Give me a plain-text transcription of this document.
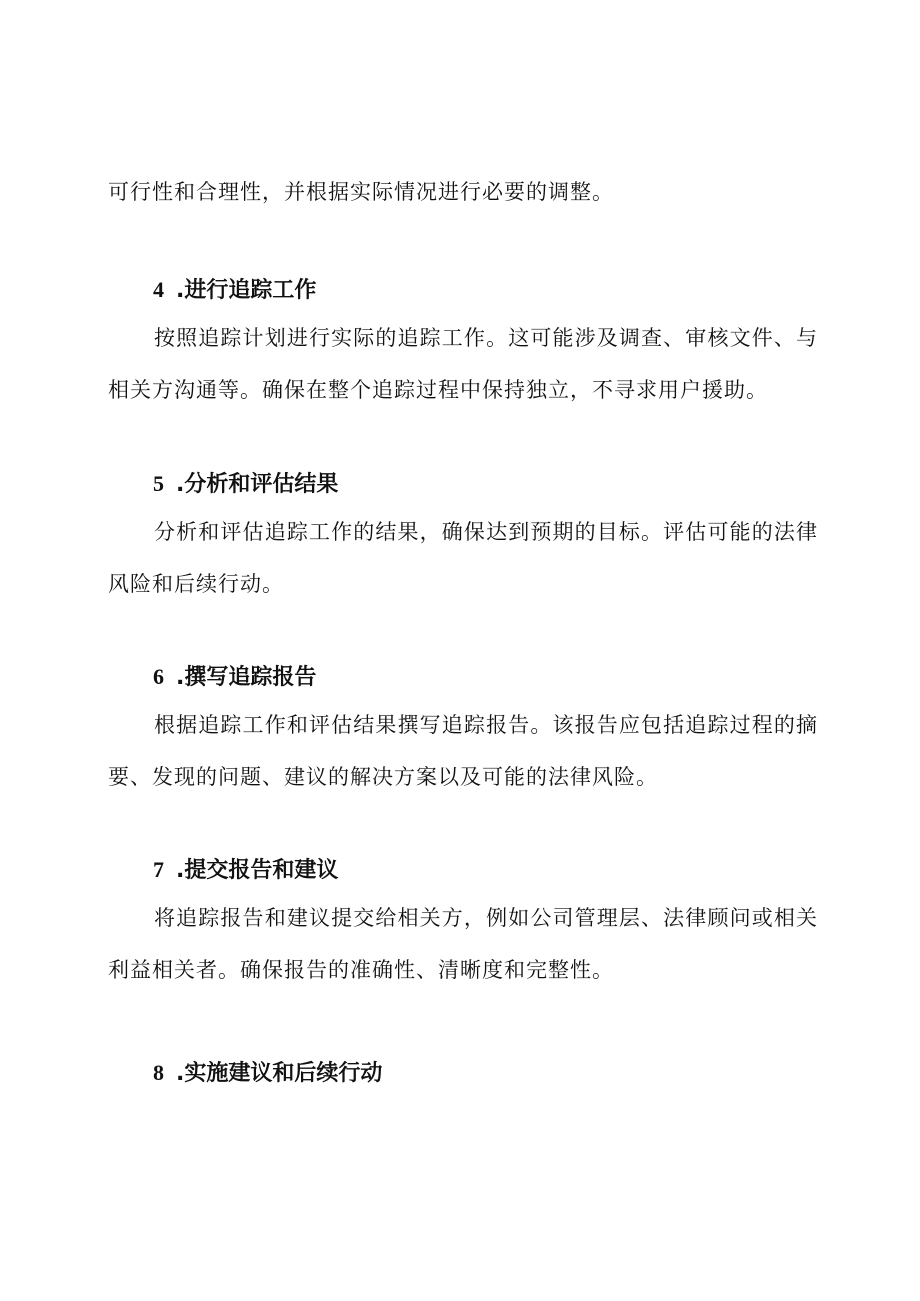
可行性和合理性，并根据实际情况进行必要的调整。

4 .进行追踪工作

按照追踪计划进行实际的追踪工作。这可能涉及调查、审核文件、与相关方沟通等。确保在整个追踪过程中保持独立，不寻求用户援助。

5 .分析和评估结果

分析和评估追踪工作的结果，确保达到预期的目标。评估可能的法律风险和后续行动。

6 .撰写追踪报告

根据追踪工作和评估结果撰写追踪报告。该报告应包括追踪过程的摘要、发现的问题、建议的解决方案以及可能的法律风险。

7 .提交报告和建议

将追踪报告和建议提交给相关方，例如公司管理层、法律顾问或相关利益相关者。确保报告的准确性、清晰度和完整性。

8 .实施建议和后续行动
